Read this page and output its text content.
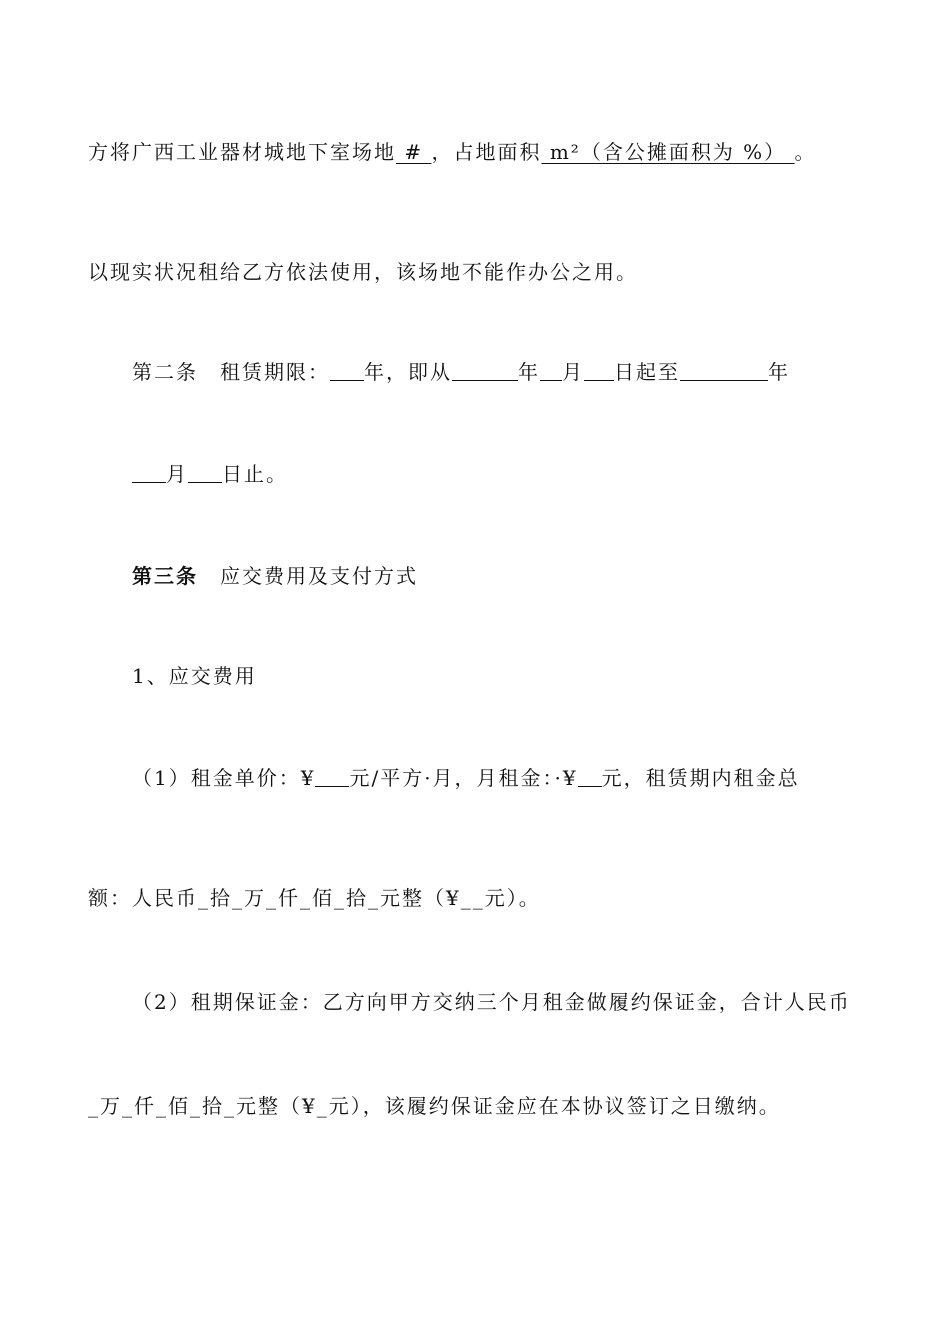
方将广西工业器材城地下室场地 # ，占地面积 m²（含公摊面积为 %） 。
以现实状况租给乙方依法使用，该场地不能作办公之用。
第二条 租赁期限： 年，即从	年 月 日起至	年
月 日止。
第三条 应交费用及支付方式
1、应交费用
（1）租金单价：¥ 元/平方·月，月租金：·¥ 元，租赁期内租金总
额：人民币_拾_万_仟_佰_拾_元整（¥__元）。
（2）租期保证金：乙方向甲方交纳三个月租金做履约保证金，合计人民币
_万_仟_佰_拾_元整（¥_元），该履约保证金应在本协议签订之日缴纳。
